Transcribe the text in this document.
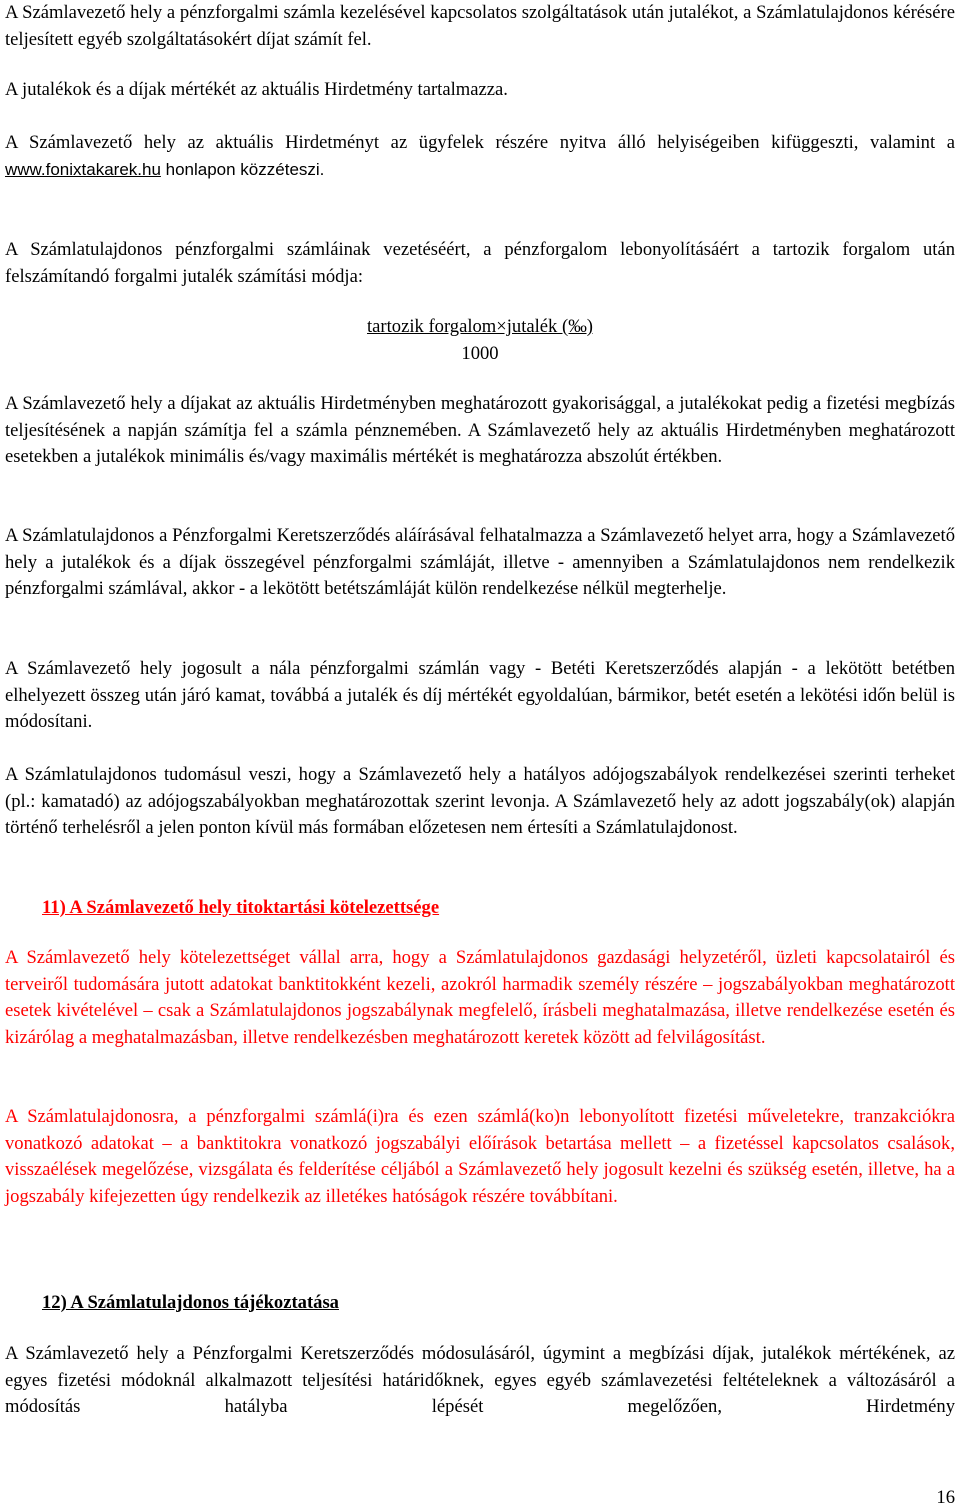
A Számlavezető hely a pénzforgalmi számla kezelésével kapcsolatos szolgáltatások után jutalékot, a Számlatulajdonos kérésére teljesített egyéb szolgáltatásokért díjat számít fel.

A jutalékok és a díjak mértékét az aktuális Hirdetmény tartalmazza.

A Számlavezető hely az aktuális Hirdetményt az ügyfelek részére nyitva álló helyiségeiben kifüggeszti, valamint a www.fonixtakarek.hu honlapon közzéteszi.

A Számlatulajdonos pénzforgalmi számláinak vezetéséért, a pénzforgalom lebonyolításáért a tartozik forgalom után felszámítandó forgalmi jutalék számítási módja:

tartozik forgalom×jutalék (‰)
1000

A Számlavezető hely a díjakat az aktuális Hirdetményben meghatározott gyakorisággal, a jutalékokat pedig a fizetési megbízás teljesítésének a napján számítja fel a számla pénznemében. A Számlavezető hely az aktuális Hirdetményben meghatározott esetekben a jutalékok minimális és/vagy maximális mértékét is meghatározza abszolút értékben.

A Számlatulajdonos a Pénzforgalmi Keretszerződés aláírásával felhatalmazza a Számlavezető helyet arra, hogy a Számlavezető hely a jutalékok és a díjak összegével pénzforgalmi számláját, illetve - amennyiben a Számlatulajdonos nem rendelkezik pénzforgalmi számlával, akkor - a lekötött betétszámláját külön rendelkezése nélkül megterhelje.

A Számlavezető hely jogosult a nála pénzforgalmi számlán vagy - Betéti Keretszerződés alapján - a lekötött betétben elhelyezett összeg után járó kamat, továbbá a jutalék és díj mértékét egyoldalúan, bármikor, betét esetén a lekötési időn belül is módosítani.

A Számlatulajdonos tudomásul veszi, hogy a Számlavezető hely a hatályos adójogszabályok rendelkezései szerinti terheket (pl.: kamatadó) az adójogszabályokban meghatározottak szerint levonja. A Számlavezető hely az adott jogszabály(ok) alapján történő terhelésről a jelen ponton kívül más formában előzetesen nem értesíti a Számlatulajdonost.

11) A Számlavezető hely titoktartási kötelezettsége

A Számlavezető hely kötelezettséget vállal arra, hogy a Számlatulajdonos gazdasági helyzetéről, üzleti kapcsolatairól és terveiről tudomására jutott adatokat banktitokként kezeli, azokról harmadik személy részére – jogszabályokban meghatározott esetek kivételével – csak a Számlatulajdonos jogszabálynak megfelelő, írásbeli meghatalmazása, illetve rendelkezése esetén és kizárólag a meghatalmazásban, illetve rendelkezésben meghatározott keretek között ad felvilágosítást.

A Számlatulajdonosra, a pénzforgalmi számlá(i)ra és ezen számlá(ko)n lebonyolított fizetési műveletekre, tranzakciókra vonatkozó adatokat – a banktitokra vonatkozó jogszabályi előírások betartása mellett – a fizetéssel kapcsolatos csalások, visszaélések megelőzése, vizsgálata és felderítése céljából a Számlavezető hely jogosult kezelni és szükség esetén, illetve, ha a jogszabály kifejezetten úgy rendelkezik az illetékes hatóságok részére továbbítani.

12) A Számlatulajdonos tájékoztatása

A Számlavezető hely a Pénzforgalmi Keretszerződés módosulásáról, úgymint a megbízási díjak, jutalékok mértékének, az egyes fizetési módoknál alkalmazott teljesítési határidőknek, egyes egyéb számlavezetési feltételeknek a változásáról a módosítás hatályba lépését megelőzően, Hirdetmény

16
